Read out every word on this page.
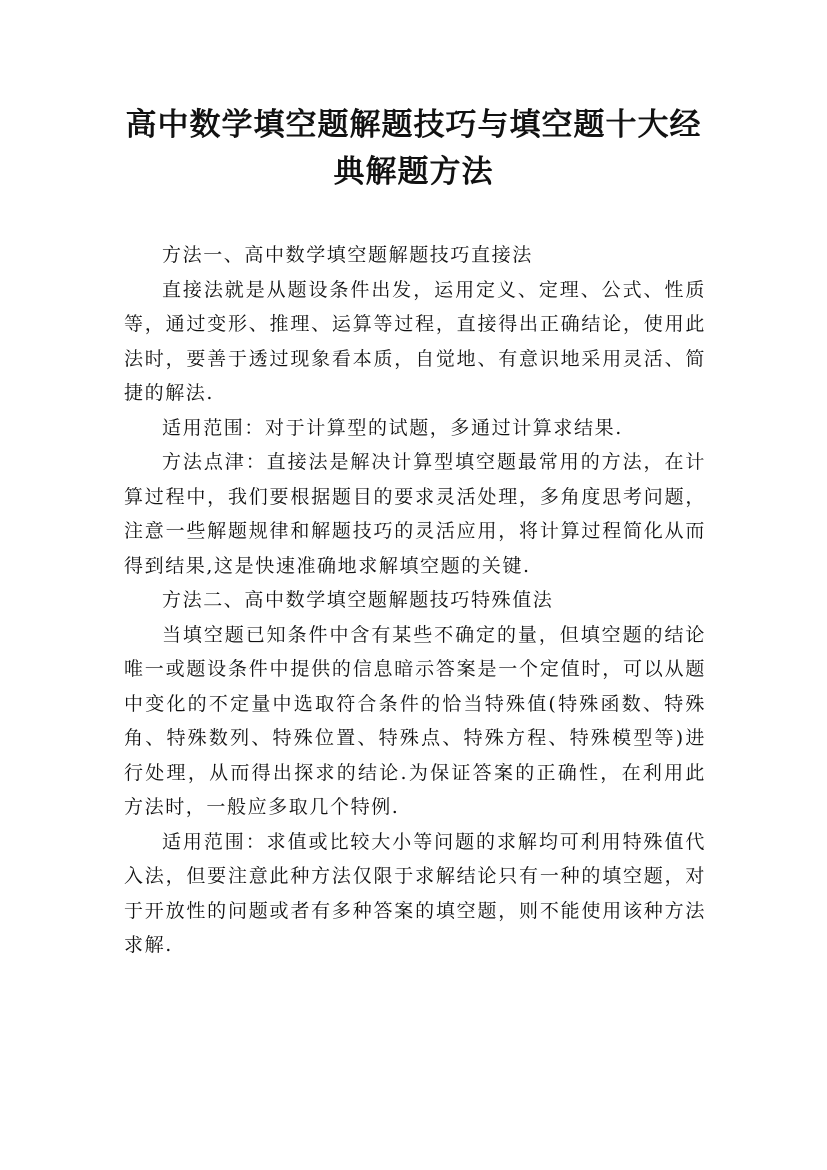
高中数学填空题解题技巧与填空题十大经
典解题方法

方法一、高中数学填空题解题技巧直接法

直接法就是从题设条件出发，运用定义、定理、公式、性质等，通过变形、推理、运算等过程，直接得出正确结论，使用此法时，要善于透过现象看本质，自觉地、有意识地采用灵活、简捷的解法.

适用范围：对于计算型的试题，多通过计算求结果.

方法点津：直接法是解决计算型填空题最常用的方法，在计算过程中，我们要根据题目的要求灵活处理，多角度思考问题，注意一些解题规律和解题技巧的灵活应用，将计算过程简化从而得到结果,这是快速准确地求解填空题的关键.

方法二、高中数学填空题解题技巧特殊值法

当填空题已知条件中含有某些不确定的量，但填空题的结论唯一或题设条件中提供的信息暗示答案是一个定值时，可以从题中变化的不定量中选取符合条件的恰当特殊值(特殊函数、特殊角、特殊数列、特殊位置、特殊点、特殊方程、特殊模型等)进行处理，从而得出探求的结论.为保证答案的正确性，在利用此方法时，一般应多取几个特例.

适用范围：求值或比较大小等问题的求解均可利用特殊值代入法，但要注意此种方法仅限于求解结论只有一种的填空题，对于开放性的问题或者有多种答案的填空题，则不能使用该种方法求解.
